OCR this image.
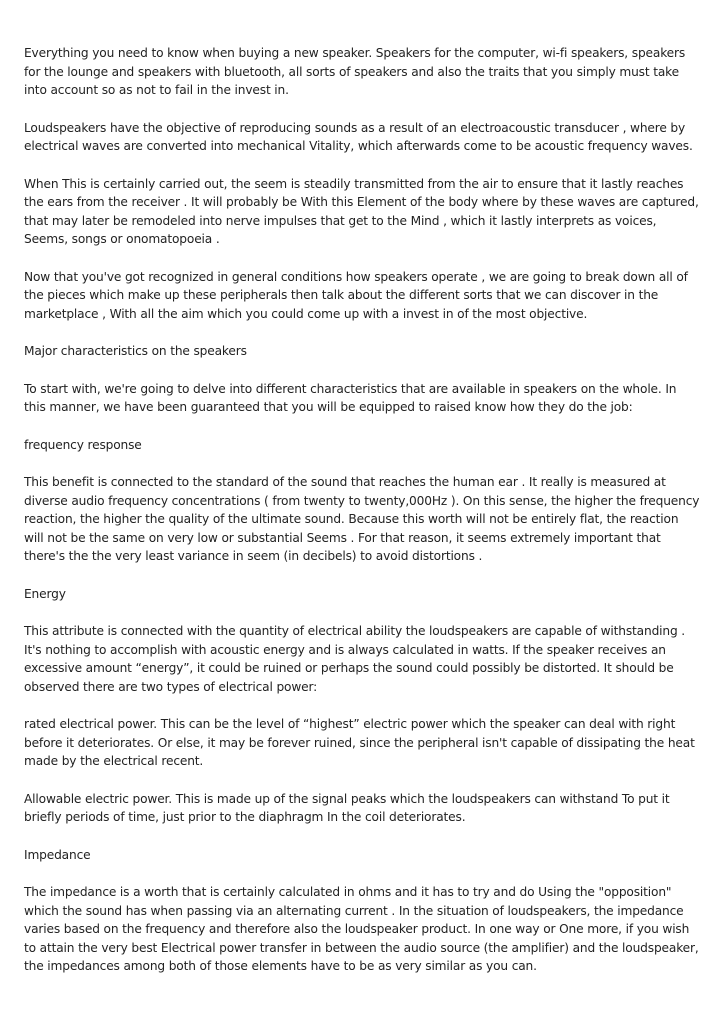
Everything you need to know when buying a new speaker. Speakers for the computer, wi-fi speakers, speakers for the lounge and speakers with bluetooth, all sorts of speakers and also the traits that you simply must take into account so as not to fail in the invest in.

Loudspeakers have the objective of reproducing sounds as a result of an electroacoustic transducer , where by electrical waves are converted into mechanical Vitality, which afterwards come to be acoustic frequency waves.

When This is certainly carried out, the seem is steadily transmitted from the air to ensure that it lastly reaches the ears from the receiver . It will probably be With this Element of the body where by these waves are captured, that may later be remodeled into nerve impulses that get to the Mind , which it lastly interprets as voices, Seems, songs or onomatopoeia .

Now that you've got recognized in general conditions how speakers operate , we are going to break down all of the pieces which make up these peripherals then talk about the different sorts that we can discover in the marketplace , With all the aim which you could come up with a invest in of the most objective.

Major characteristics on the speakers

To start with, we're going to delve into different characteristics that are available in speakers on the whole. In this manner, we have been guaranteed that you will be equipped to raised know how they do the job:

frequency response

This benefit is connected to the standard of the sound that reaches the human ear . It really is measured at diverse audio frequency concentrations ( from twenty to twenty,000Hz ). On this sense, the higher the frequency reaction, the higher the quality of the ultimate sound. Because this worth will not be entirely flat, the reaction will not be the same on very low or substantial Seems . For that reason, it seems extremely important that there's the the very least variance in seem (in decibels) to avoid distortions .

Energy

This attribute is connected with the quantity of electrical ability the loudspeakers are capable of withstanding . It's nothing to accomplish with acoustic energy and is always calculated in watts. If the speaker receives an excessive amount “energy”, it could be ruined or perhaps the sound could possibly be distorted. It should be observed there are two types of electrical power:

rated electrical power. This can be the level of “highest” electric power which the speaker can deal with right before it deteriorates. Or else, it may be forever ruined, since the peripheral isn't capable of dissipating the heat made by the electrical recent.

Allowable electric power. This is made up of the signal peaks which the loudspeakers can withstand To put it briefly periods of time, just prior to the diaphragm In the coil deteriorates.

Impedance

The impedance is a worth that is certainly calculated in ohms and it has to try and do Using the "opposition" which the sound has when passing via an alternating current . In the situation of loudspeakers, the impedance varies based on the frequency and therefore also the loudspeaker product. In one way or One more, if you wish to attain the very best Electrical power transfer in between the audio source (the amplifier) and the loudspeaker, the impedances among both of those elements have to be as very similar as you can.
